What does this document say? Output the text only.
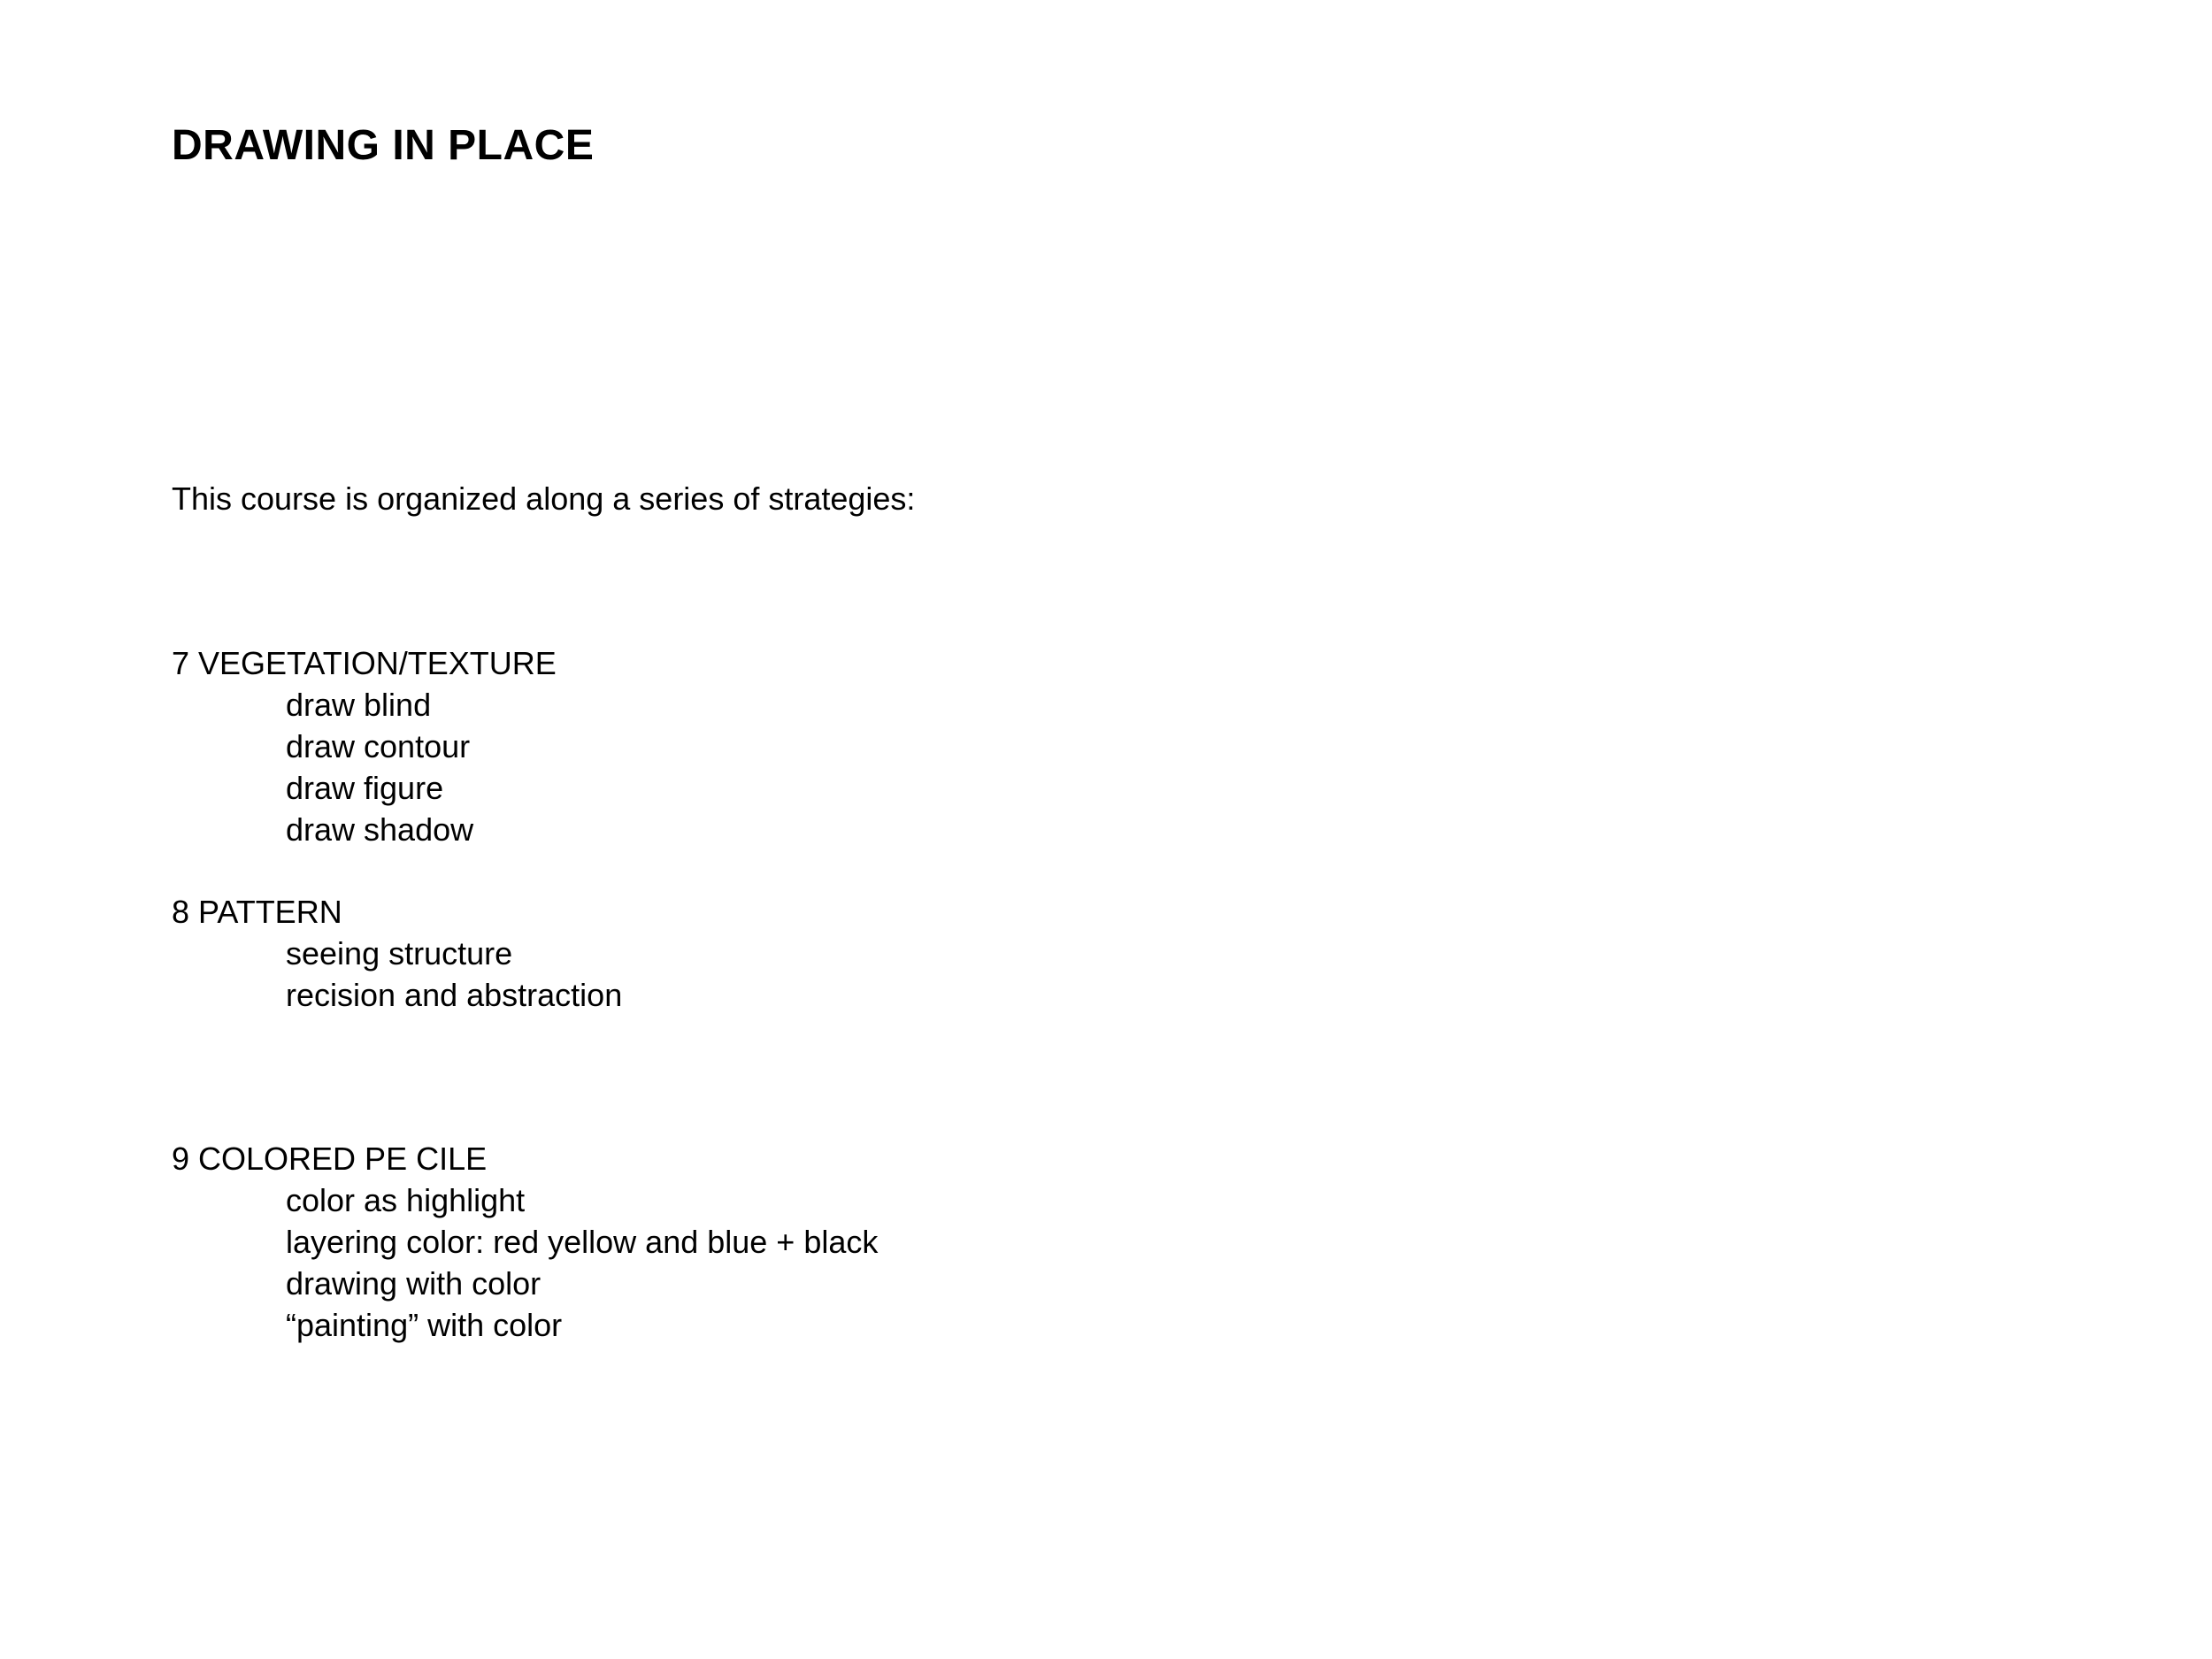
DRAWING IN PLACE

This course is organized along a series of strategies:

7 VEGETATION/TEXTURE

draw blind
draw contour
draw figure
draw shadow

8 PATTERN

seeing structure
recision and abstraction

9 COLORED PE CILE

color as highlight
layering color: red yellow and blue + black
drawing with color
“painting” with color
